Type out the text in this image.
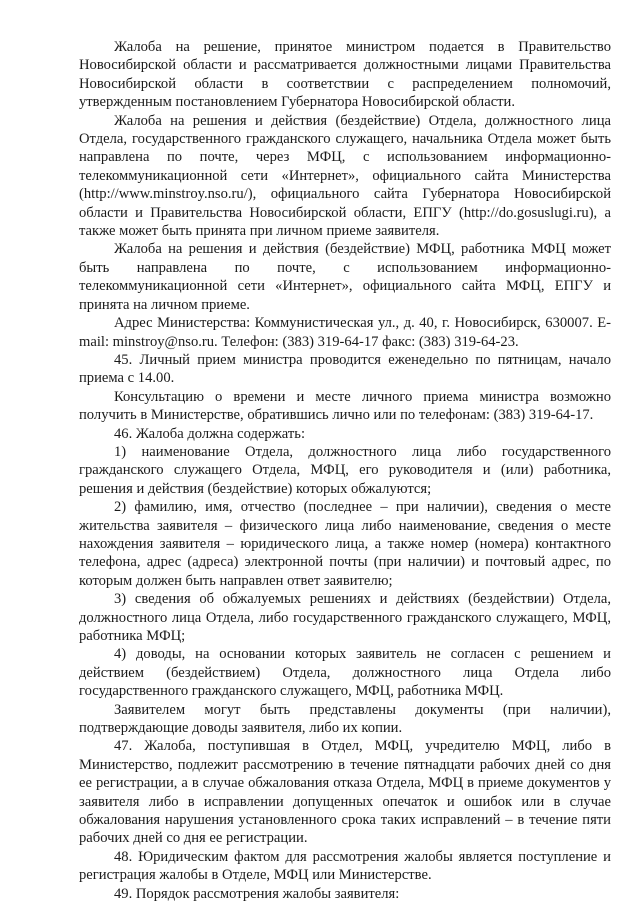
Жалоба на решение, принятое министром подается в Правительство Новосибирской области и рассматривается должностными лицами Правительства Новосибирской области в соответствии с распределением полномочий, утвержденным постановлением Губернатора Новосибирской области.

Жалоба на решения и действия (бездействие) Отдела, должностного лица Отдела, государственного гражданского служащего, начальника Отдела может быть направлена по почте, через МФЦ, с использованием информационно-телекоммуникационной сети «Интернет», официального сайта Министерства (http://www.minstroy.nso.ru/), официального сайта Губернатора Новосибирской области и Правительства Новосибирской области, ЕПГУ (http://do.gosuslugi.ru), а также может быть принята при личном приеме заявителя.

Жалоба на решения и действия (бездействие) МФЦ, работника МФЦ может быть направлена по почте, с использованием информационно-телекоммуникационной сети «Интернет», официального сайта МФЦ, ЕПГУ и принята на личном приеме.

Адрес Министерства: Коммунистическая ул., д. 40, г. Новосибирск, 630007. E-mail: minstroy@nso.ru. Телефон: (383) 319-64-17 факс: (383) 319-64-23.

45. Личный прием министра проводится еженедельно по пятницам, начало приема с 14.00.

Консультацию о времени и месте личного приема министра возможно получить в Министерстве, обратившись лично или по телефонам: (383) 319-64-17.

46. Жалоба должна содержать:

1) наименование Отдела, должностного лица либо государственного гражданского служащего Отдела, МФЦ, его руководителя и (или) работника, решения и действия (бездействие) которых обжалуются;

2) фамилию, имя, отчество (последнее – при наличии), сведения о месте жительства заявителя – физического лица либо наименование, сведения о месте нахождения заявителя – юридического лица, а также номер (номера) контактного телефона, адрес (адреса) электронной почты (при наличии) и почтовый адрес, по которым должен быть направлен ответ заявителю;

3) сведения об обжалуемых решениях и действиях (бездействии) Отдела, должностного лица Отдела, либо государственного гражданского служащего, МФЦ, работника МФЦ;

4) доводы, на основании которых заявитель не согласен с решением и действием (бездействием) Отдела, должностного лица Отдела либо государственного гражданского служащего, МФЦ, работника МФЦ.

Заявителем могут быть представлены документы (при наличии), подтверждающие доводы заявителя, либо их копии.

47. Жалоба, поступившая в Отдел, МФЦ, учредителю МФЦ, либо в Министерство, подлежит рассмотрению в течение пятнадцати рабочих дней со дня ее регистрации, а в случае обжалования отказа Отдела, МФЦ в приеме документов у заявителя либо в исправлении допущенных опечаток и ошибок или в случае обжалования нарушения установленного срока таких исправлений – в течение пяти рабочих дней со дня ее регистрации.

48. Юридическим фактом для рассмотрения жалобы является поступление и регистрация жалобы в Отделе, МФЦ или Министерстве.

49. Порядок рассмотрения жалобы заявителя:
